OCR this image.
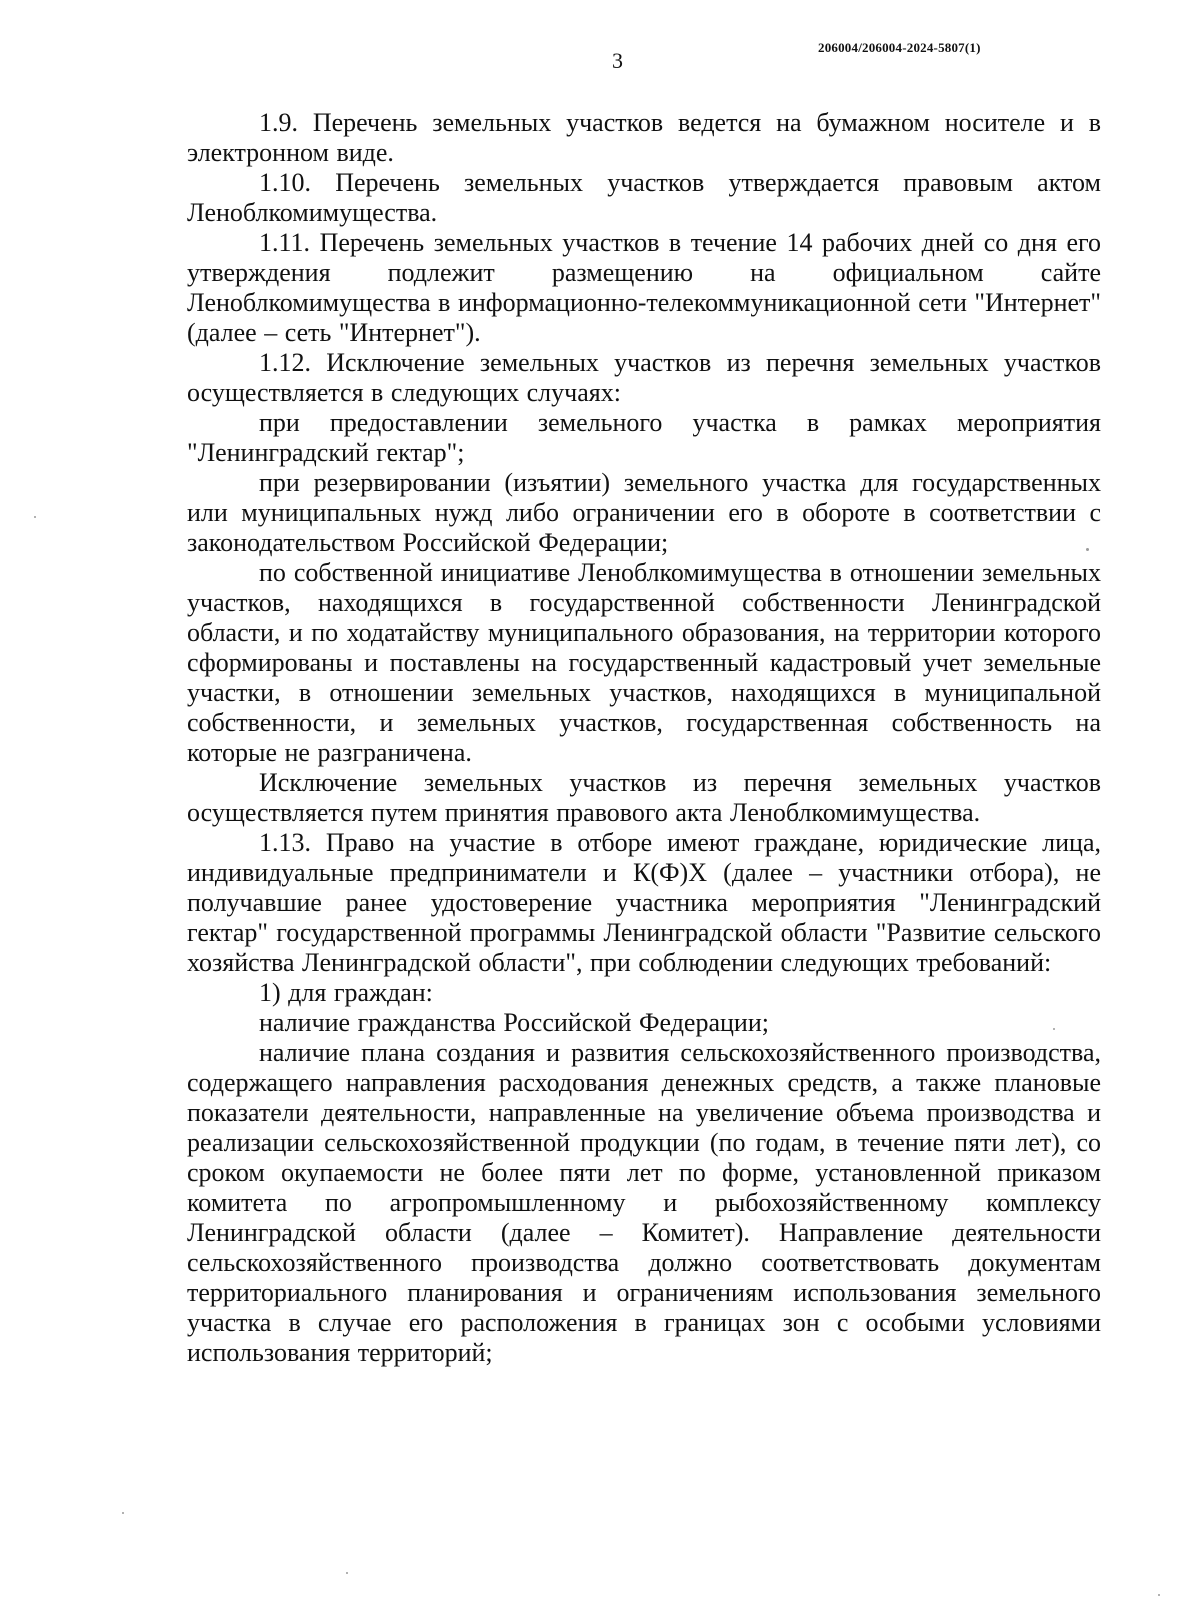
3
206004/206004-2024-5807(1)

1.9. Перечень земельных участков ведется на бумажном носителе и в электронном виде.

1.10. Перечень земельных участков утверждается правовым актом Леноблкомимущества.

1.11. Перечень земельных участков в течение 14 рабочих дней со дня его утверждения подлежит размещению на официальном сайте Леноблкомимущества в информационно-телекоммуникационной сети "Интернет" (далее – сеть "Интернет").

1.12. Исключение земельных участков из перечня земельных участков осуществляется в следующих случаях:

при предоставлении земельного участка в рамках мероприятия "Ленинградский гектар";

при резервировании (изъятии) земельного участка для государственных или муниципальных нужд либо ограничении его в обороте в соответствии с законодательством Российской Федерации;

по собственной инициативе Леноблкомимущества в отношении земельных участков, находящихся в государственной собственности Ленинградской области, и по ходатайству муниципального образования, на территории которого сформированы и поставлены на государственный кадастровый учет земельные участки, в отношении земельных участков, находящихся в муниципальной собственности, и земельных участков, государственная собственность на которые не разграничена.

Исключение земельных участков из перечня земельных участков осуществляется путем принятия правового акта Леноблкомимущества.

1.13. Право на участие в отборе имеют граждане, юридические лица, индивидуальные предприниматели и К(Ф)Х (далее – участники отбора), не получавшие ранее удостоверение участника мероприятия "Ленинградский гектар" государственной программы Ленинградской области "Развитие сельского хозяйства Ленинградской области", при соблюдении следующих требований:

1) для граждан:

наличие гражданства Российской Федерации;

наличие плана создания и развития сельскохозяйственного производства, содержащего направления расходования денежных средств, а также плановые показатели деятельности, направленные на увеличение объема производства и реализации сельскохозяйственной продукции (по годам, в течение пяти лет), со сроком окупаемости не более пяти лет по форме, установленной приказом комитета по агропромышленному и рыбохозяйственному комплексу Ленинградской области (далее – Комитет). Направление деятельности сельскохозяйственного производства должно соответствовать документам территориального планирования и ограничениям использования земельного участка в случае его расположения в границах зон с особыми условиями использования территорий;
